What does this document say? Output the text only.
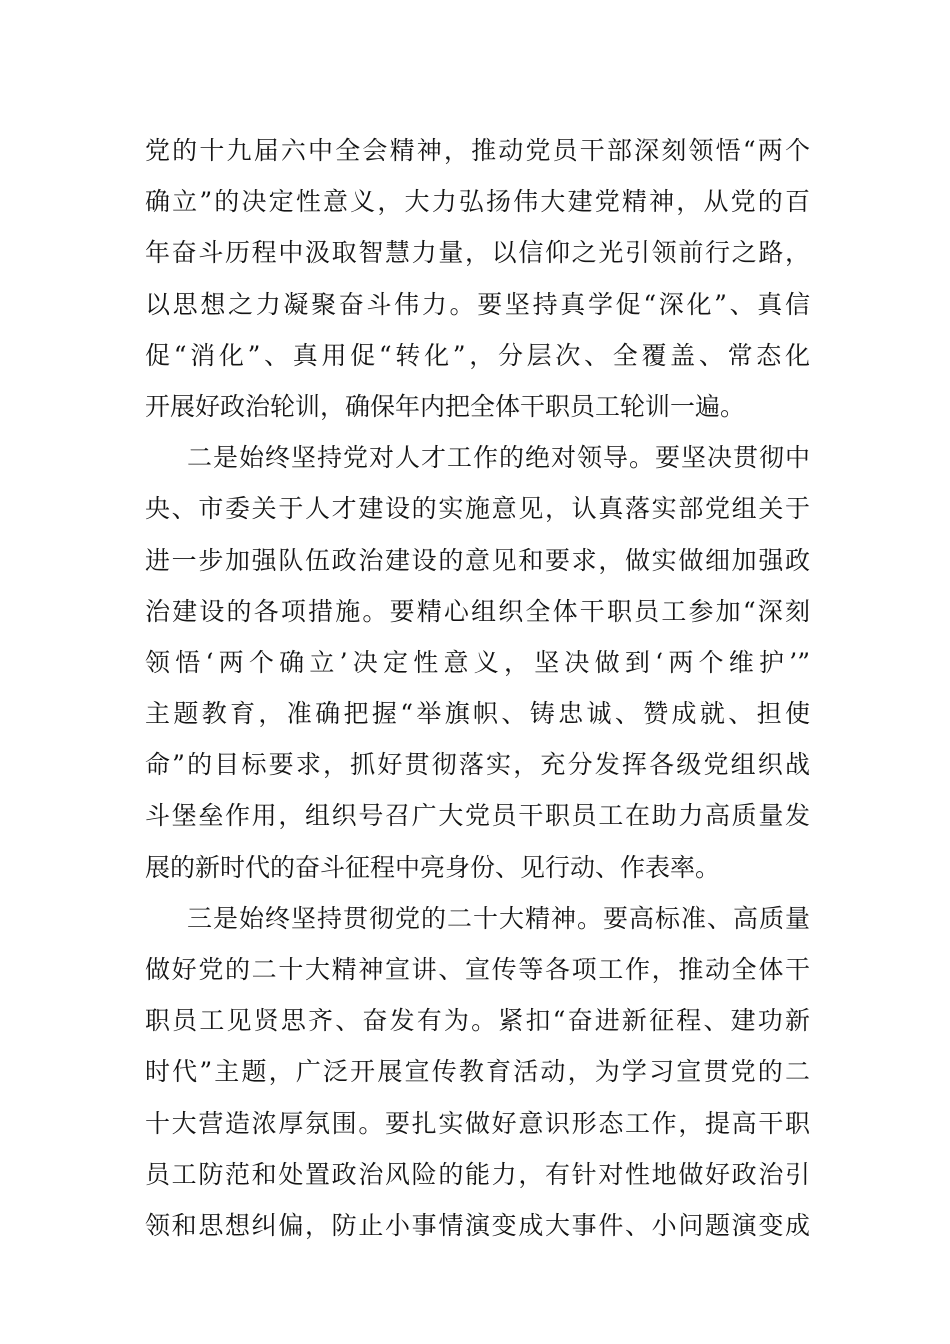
党的十九届六中全会精神，推动党员干部深刻领悟“两个
确立”的决定性意义，大力弘扬伟大建党精神，从党的百
年奋斗历程中汲取智慧力量，以信仰之光引领前行之路，
以思想之力凝聚奋斗伟力。要坚持真学促“深化”、真信
促“消化”、真用促“转化”，分层次、全覆盖、常态化
开展好政治轮训，确保年内把全体干职员工轮训一遍。
二是始终坚持党对人才工作的绝对领导。要坚决贯彻中
央、市委关于人才建设的实施意见，认真落实部党组关于
进一步加强队伍政治建设的意见和要求，做实做细加强政
治建设的各项措施。要精心组织全体干职员工参加“深刻
领悟‘两个确立’决定性意义，坚决做到‘两个维护’”
主题教育，准确把握“举旗帜、铸忠诚、赞成就、担使
命”的目标要求，抓好贯彻落实，充分发挥各级党组织战
斗堡垒作用，组织号召广大党员干职员工在助力高质量发
展的新时代的奋斗征程中亮身份、见行动、作表率。
三是始终坚持贯彻党的二十大精神。要高标准、高质量
做好党的二十大精神宣讲、宣传等各项工作，推动全体干
职员工见贤思齐、奋发有为。紧扣“奋进新征程、建功新
时代”主题，广泛开展宣传教育活动，为学习宣贯党的二
十大营造浓厚氛围。要扎实做好意识形态工作，提高干职
员工防范和处置政治风险的能力，有针对性地做好政治引
领和思想纠偏，防止小事情演变成大事件、小问题演变成
